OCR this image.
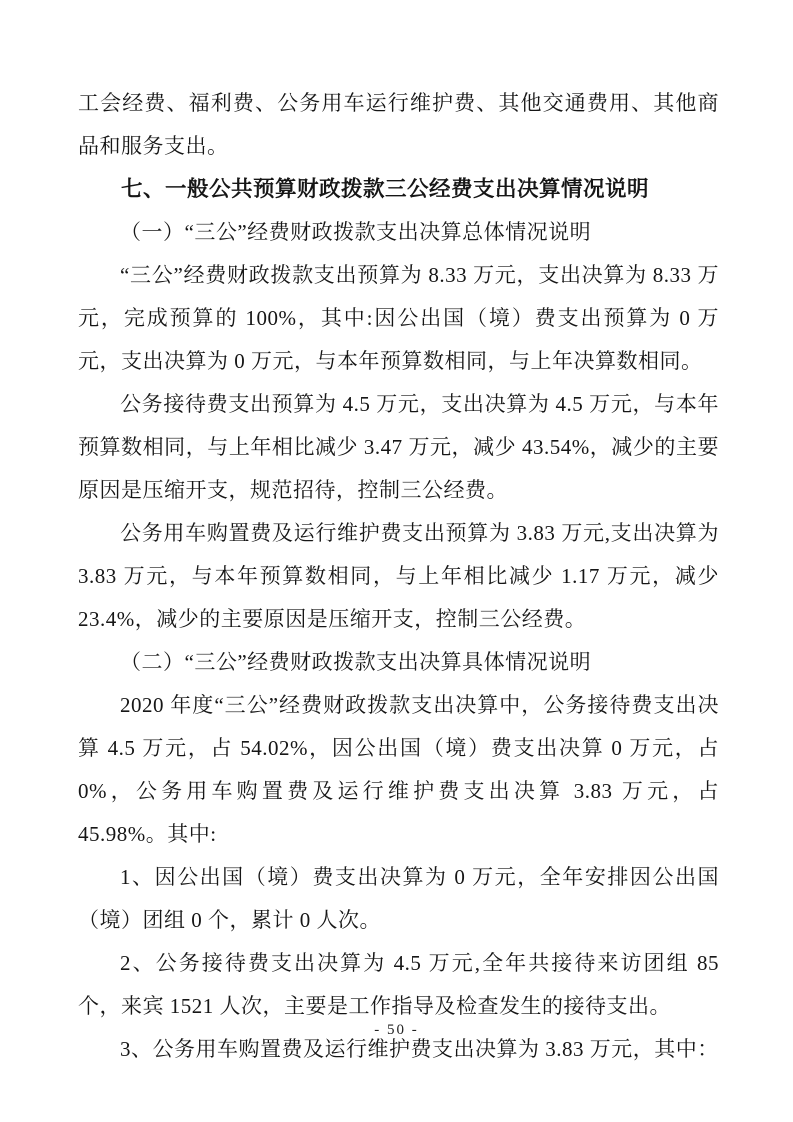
工会经费、福利费、公务用车运行维护费、其他交通费用、其他商品和服务支出。

七、一般公共预算财政拨款三公经费支出决算情况说明

（一）“三公”经费财政拨款支出决算总体情况说明

“三公”经费财政拨款支出预算为 8.33 万元，支出决算为 8.33 万元，完成预算的 100%，其中:因公出国（境）费支出预算为 0 万元，支出决算为 0 万元，与本年预算数相同，与上年决算数相同。

公务接待费支出预算为 4.5 万元，支出决算为 4.5 万元，与本年预算数相同，与上年相比减少 3.47 万元，减少 43.54%，减少的主要原因是压缩开支，规范招待，控制三公经费。

公务用车购置费及运行维护费支出预算为 3.83 万元,支出决算为 3.83 万元，与本年预算数相同，与上年相比减少 1.17 万元，减少 23.4%，减少的主要原因是压缩开支，控制三公经费。

（二）“三公”经费财政拨款支出决算具体情况说明

2020 年度“三公”经费财政拨款支出决算中，公务接待费支出决算 4.5 万元，占 54.02%，因公出国（境）费支出决算 0 万元，占 0%，公务用车购置费及运行维护费支出决算 3.83 万元，占 45.98%。其中:

1、因公出国（境）费支出决算为 0 万元，全年安排因公出国（境）团组 0 个，累计 0 人次。

2、公务接待费支出决算为 4.5 万元,全年共接待来访团组 85 个，来宾 1521 人次，主要是工作指导及检查发生的接待支出。

3、公务用车购置费及运行维护费支出决算为 3.83 万元，其中：

- 50 -
